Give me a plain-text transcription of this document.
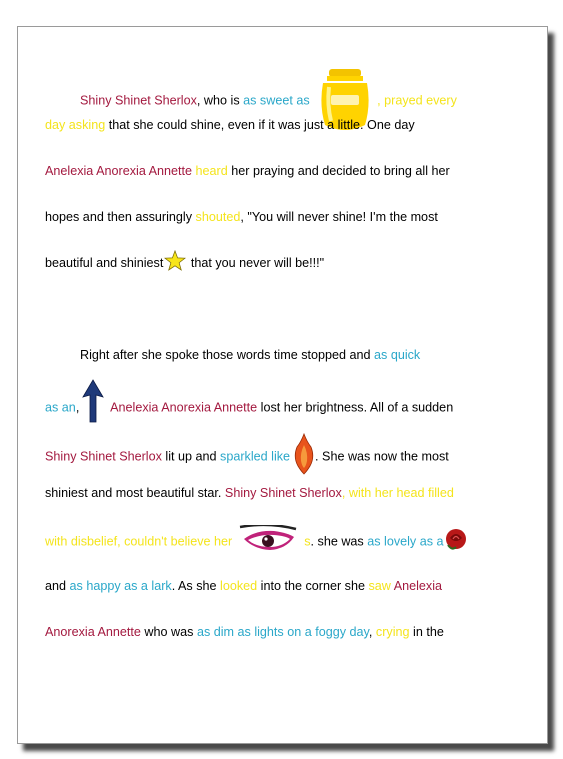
Shiny Shinet Sherlox, who is as sweet as	, prayed every
day asking that she could shine, even if it was just a little. One day
Anelexia Anorexia Annette heard her praying and decided to bring all her
hopes and then assuringly shouted, "You will never shine! I'm the most
beautiful and shiniest
that you never will be!!!"
Right after she spoke those words time stopped and as quick
as an, Anelexia Anorexia Annette lost her brightness. All of a sudden
Shiny Shinet Sherlox lit up and sparkled like . She was now the most
shiniest and most beautiful star. Shiny Shinet Sherlox, with her head filled
with disbelief, couldn't believe her	s. she was as lovely as a
and as happy as a lark. As she looked into the corner she saw Anelexia
Anorexia Annette who was as dim as lights on a foggy day, crying in the
